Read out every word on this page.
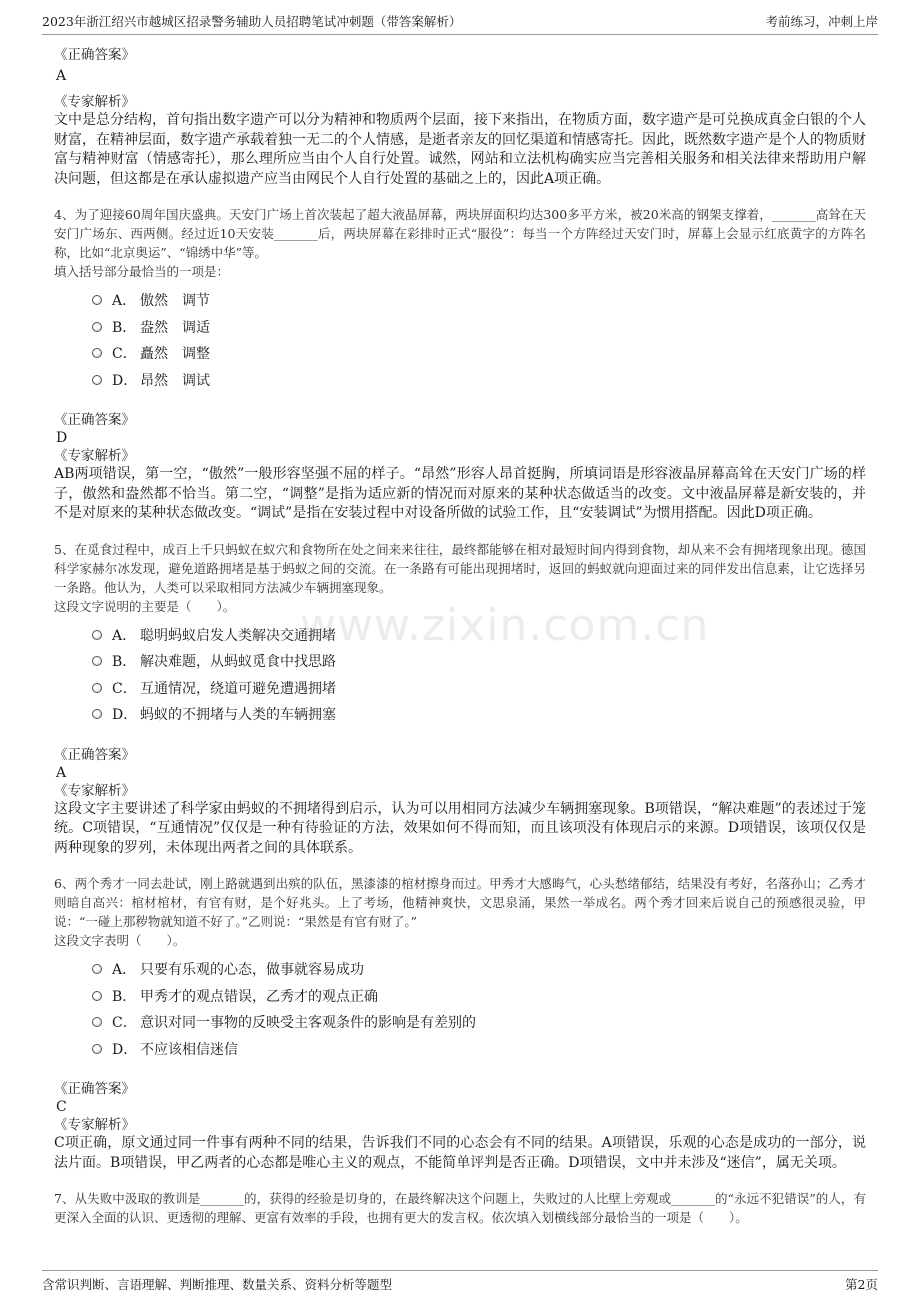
2023年浙江绍兴市越城区招录警务辅助人员招聘笔试冲刺题（带答案解析）	考前练习，冲刺上岸
www.zixin.com.cn
《正确答案》
A
《专家解析》
文中是总分结构，首句指出数字遗产可以分为精神和物质两个层面，接下来指出，在物质方面，数字遗产是可兑换成真金白银的个人财富，在精神层面，数字遗产承载着独一无二的个人情感，是逝者亲友的回忆渠道和情感寄托。因此，既然数字遗产是个人的物质财富与精神财富（情感寄托），那么理所应当由个人自行处置。诚然，网站和立法机构确实应当完善相关服务和相关法律来帮助用户解决问题，但这都是在承认虚拟遗产应当由网民个人自行处置的基础之上的，因此A项正确。
4、为了迎接60周年国庆盛典。天安门广场上首次装起了超大液晶屏幕，两块屏面积均达300多平方米，被20米高的钢架支撑着，_______高耸在天安门广场东、西两侧。经过近10天安装_______后，两块屏幕在彩排时正式“服役”：每当一个方阵经过天安门时，屏幕上会显示红底黄字的方阵名称，比如“北京奥运”、“锦绣中华”等。
填入括号部分最恰当的一项是：
A． 傲然　调节
B． 盎然　调适
C． 矗然　调整
D． 昂然　调试
《正确答案》
D
《专家解析》
AB两项错误，第一空，“傲然”一般形容坚强不屈的样子。“昂然”形容人昂首挺胸，所填词语是形容液晶屏幕高耸在天安门广场的样子，傲然和盎然都不恰当。第二空，“调整”是指为适应新的情况而对原来的某种状态做适当的改变。文中液晶屏幕是新安装的，并不是对原来的某种状态做改变。“调试”是指在安装过程中对设备所做的试验工作，且“安装调试”为惯用搭配。因此D项正确。
5、在觅食过程中，成百上千只蚂蚁在蚁穴和食物所在处之间来来往往，最终都能够在相对最短时间内得到食物，却从来不会有拥堵现象出现。德国科学家赫尔冰发现，避免道路拥堵是基于蚂蚁之间的交流。在一条路有可能出现拥堵时，返回的蚂蚁就向迎面过来的同伴发出信息素，让它选择另一条路。他认为，人类可以采取相同方法减少车辆拥塞现象。
这段文字说明的主要是（　　）。
A． 聪明蚂蚁启发人类解决交通拥堵
B． 解决难题，从蚂蚁觅食中找思路
C． 互通情况，绕道可避免遭遇拥堵
D． 蚂蚁的不拥堵与人类的车辆拥塞
《正确答案》
A
《专家解析》
这段文字主要讲述了科学家由蚂蚁的不拥堵得到启示，认为可以用相同方法减少车辆拥塞现象。B项错误，“解决难题”的表述过于笼统。C项错误，“互通情况”仅仅是一种有待验证的方法，效果如何不得而知，而且该项没有体现启示的来源。D项错误，该项仅仅是两种现象的罗列，未体现出两者之间的具体联系。
6、两个秀才一同去赴试，刚上路就遇到出殡的队伍，黑漆漆的棺材擦身而过。甲秀才大感晦气，心头愁绪郁结，结果没有考好，名落孙山；乙秀才则暗自高兴：棺材棺材，有官有财，是个好兆头。上了考场，他精神爽快，文思泉涌，果然一举成名。两个秀才回来后说自己的预感很灵验，甲说：“一碰上那秽物就知道不好了。”乙则说：“果然是有官有财了。”
这段文字表明（　　）。
A． 只要有乐观的心态，做事就容易成功
B． 甲秀才的观点错误，乙秀才的观点正确
C． 意识对同一事物的反映受主客观条件的影响是有差别的
D． 不应该相信迷信
《正确答案》
C
《专家解析》
C项正确，原文通过同一件事有两种不同的结果，告诉我们不同的心态会有不同的结果。A项错误，乐观的心态是成功的一部分，说法片面。B项错误，甲乙两者的心态都是唯心主义的观点，不能简单评判是否正确。D项错误，文中并未涉及“迷信”，属无关项。
7、从失败中汲取的教训是_______的，获得的经验是切身的，在最终解决这个问题上，失败过的人比壁上旁观或_______的“永远不犯错误”的人，有更深入全面的认识、更透彻的理解、更富有效率的手段，也拥有更大的发言权。依次填入划横线部分最恰当的一项是（　　）。
含常识判断、言语理解、判断推理、数量关系、资料分析等题型	第2页
